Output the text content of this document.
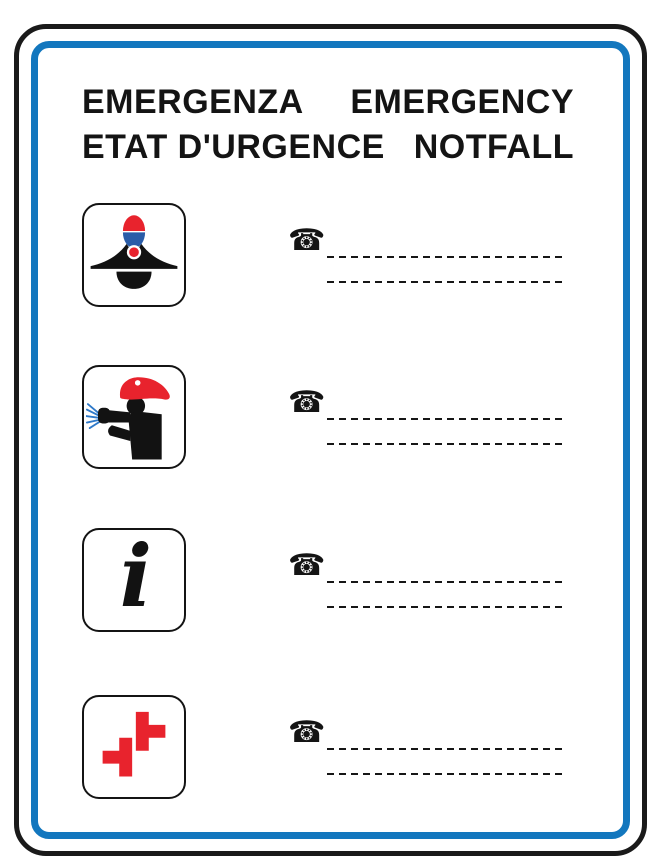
EMERGENZA EMERGENCY
ETAT D'URGENCE NOTFALL
☎
☎
i	☎
☎
